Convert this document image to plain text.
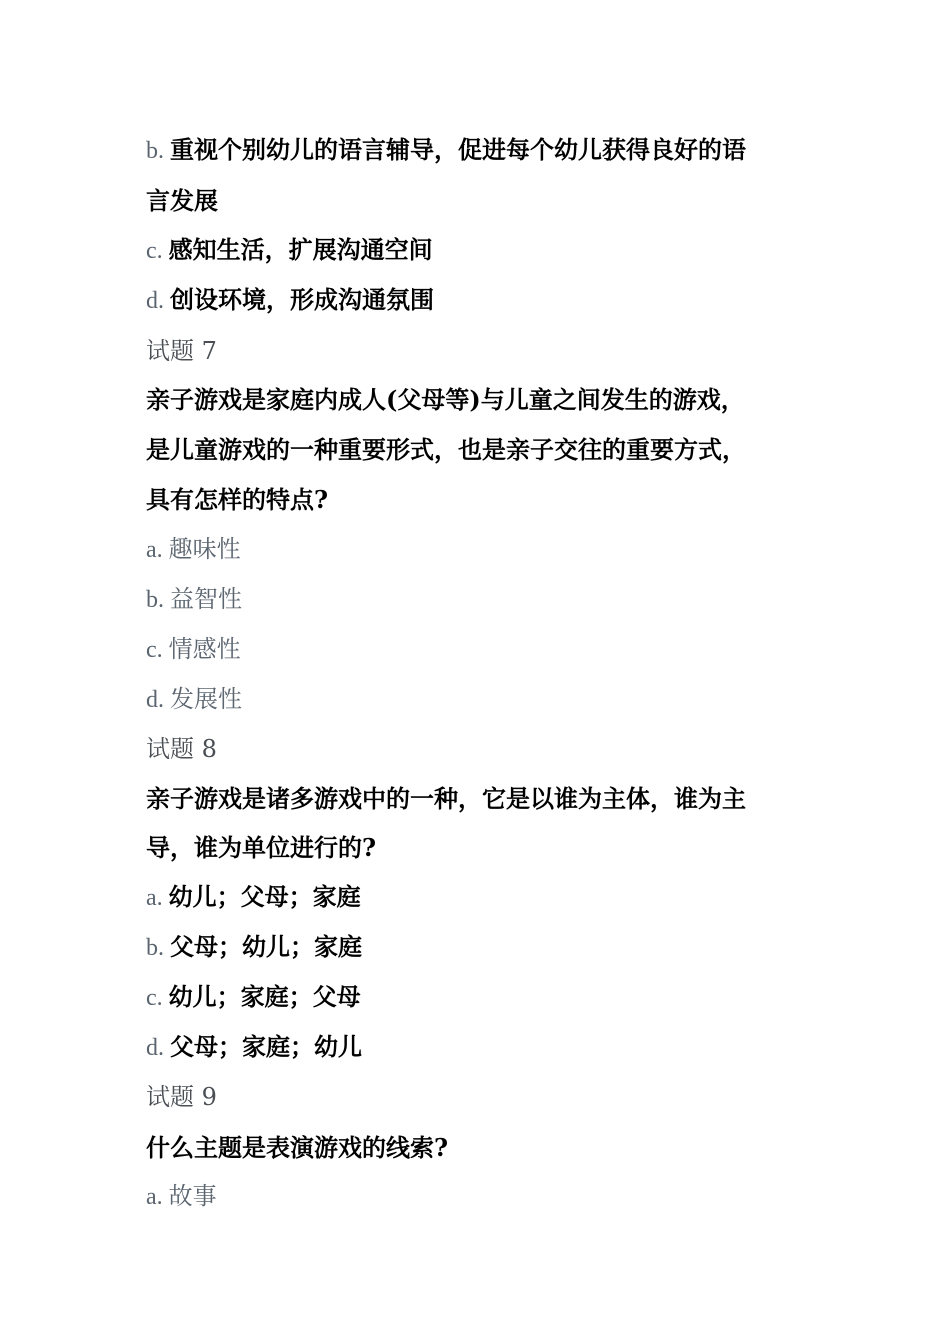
b. 重视个别幼儿的语言辅导，促进每个幼儿获得良好的语
言发展
c. 感知生活，扩展沟通空间
d. 创设环境，形成沟通氛围
试题 7
亲子游戏是家庭内成人(父母等)与儿童之间发生的游戏，
是儿童游戏的一种重要形式，也是亲子交往的重要方式，
具有怎样的特点?
a. 趣味性
b. 益智性
c. 情感性
d. 发展性
试题 8
亲子游戏是诸多游戏中的一种，它是以谁为主体，谁为主
导，谁为单位进行的?
a. 幼儿；父母；家庭
b. 父母；幼儿；家庭
c. 幼儿；家庭；父母
d. 父母；家庭；幼儿
试题 9
什么主题是表演游戏的线索?
a. 故事
